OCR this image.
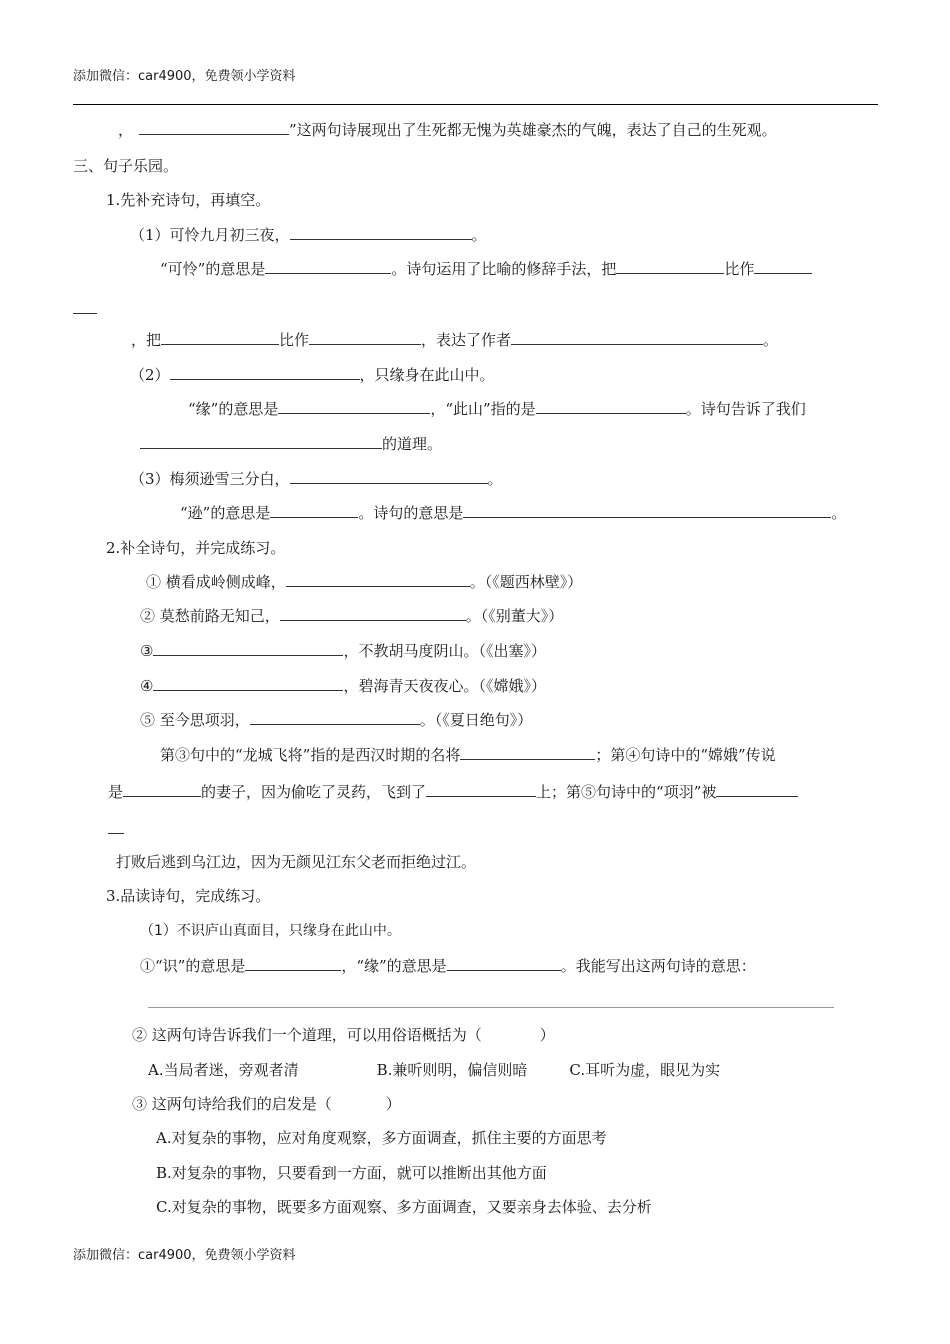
添加微信：car4900，免费领小学资料
，	”这两句诗展现出了生死都无愧为英雄豪杰的气魄，表达了自己的生死观。
三、句子乐园。
1.先补充诗句，再填空。
（1）可怜九月初三夜，	。
“可怜”的意思是	。诗句运用了比喻的修辞手法，把	比作
，把	比作	，表达了作者	。
（2）	，只缘身在此山中。
“缘”的意思是	，“此山”指的是	。诗句告诉了我们
的道理。
（3）梅须逊雪三分白，	。
“逊”的意思是	。诗句的意思是	。
2.补全诗句，并完成练习。
① 横看成岭侧成峰，	。（《题西林壁》）
② 莫愁前路无知己，	。（《别董大》）
③	，不教胡马度阴山。（《出塞》）
④	，碧海青天夜夜心。（《嫦娥》）
⑤ 至今思项羽，	。（《夏日绝句》）
第③句中的“龙城飞将”指的是西汉时期的名将	；第④句诗中的“嫦娥”传说
是	的妻子，因为偷吃了灵药，飞到了	上；第⑤句诗中的“项羽”被
打败后逃到乌江边，因为无颜见江东父老而拒绝过江。
3.品读诗句，完成练习。
（1）不识庐山真面目，只缘身在此山中。
①“识”的意思是	，“缘”的意思是	。我能写出这两句诗的意思：
② 这两句诗告诉我们一个道理，可以用俗语概括为（	）
A.当局者迷，旁观者清	B.兼听则明，偏信则暗	C.耳听为虚，眼见为实
③ 这两句诗给我们的启发是（	）
A.对复杂的事物，应对角度观察，多方面调查，抓住主要的方面思考
B.对复杂的事物，只要看到一方面，就可以推断出其他方面
C.对复杂的事物，既要多方面观察、多方面调查，又要亲身去体验、去分析
添加微信：car4900，免费领小学资料
